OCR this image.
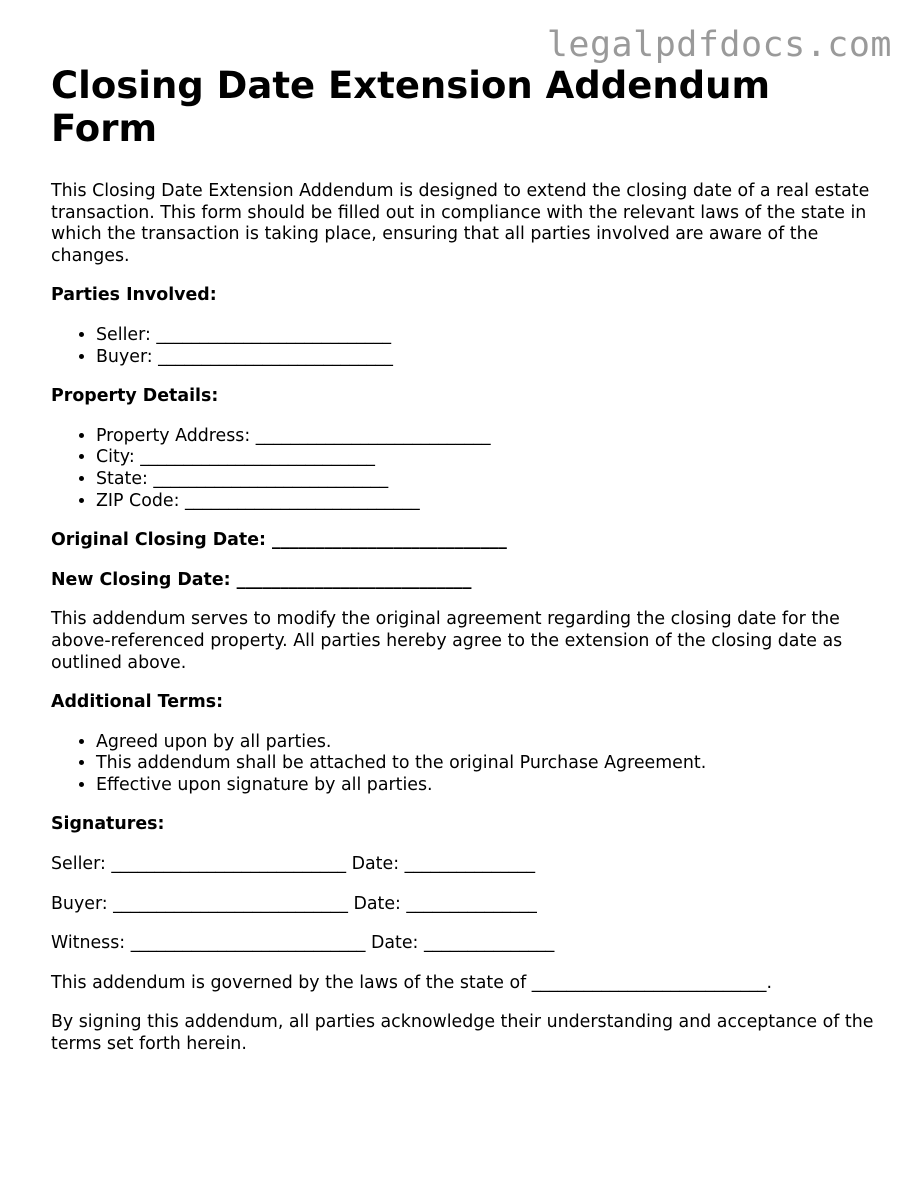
legalpdfdocs.com
Closing Date Extension Addendum Form

This Closing Date Extension Addendum is designed to extend the closing date of a real estate transaction. This form should be filled out in compliance with the relevant laws of the state in which the transaction is taking place, ensuring that all parties involved are aware of the changes.

Parties Involved:

• Seller: ___________________________
• Buyer: ___________________________

Property Details:

• Property Address: ___________________________
• City: ___________________________
• State: ___________________________
• ZIP Code: ___________________________

Original Closing Date: ___________________________

New Closing Date: ___________________________

This addendum serves to modify the original agreement regarding the closing date for the above-referenced property. All parties hereby agree to the extension of the closing date as outlined above.

Additional Terms:

• Agreed upon by all parties.
• This addendum shall be attached to the original Purchase Agreement.
• Effective upon signature by all parties.

Signatures:

Seller: ___________________________ Date: _______________

Buyer: ___________________________ Date: _______________

Witness: ___________________________ Date: _______________

This addendum is governed by the laws of the state of ___________________________.

By signing this addendum, all parties acknowledge their understanding and acceptance of the terms set forth herein.
